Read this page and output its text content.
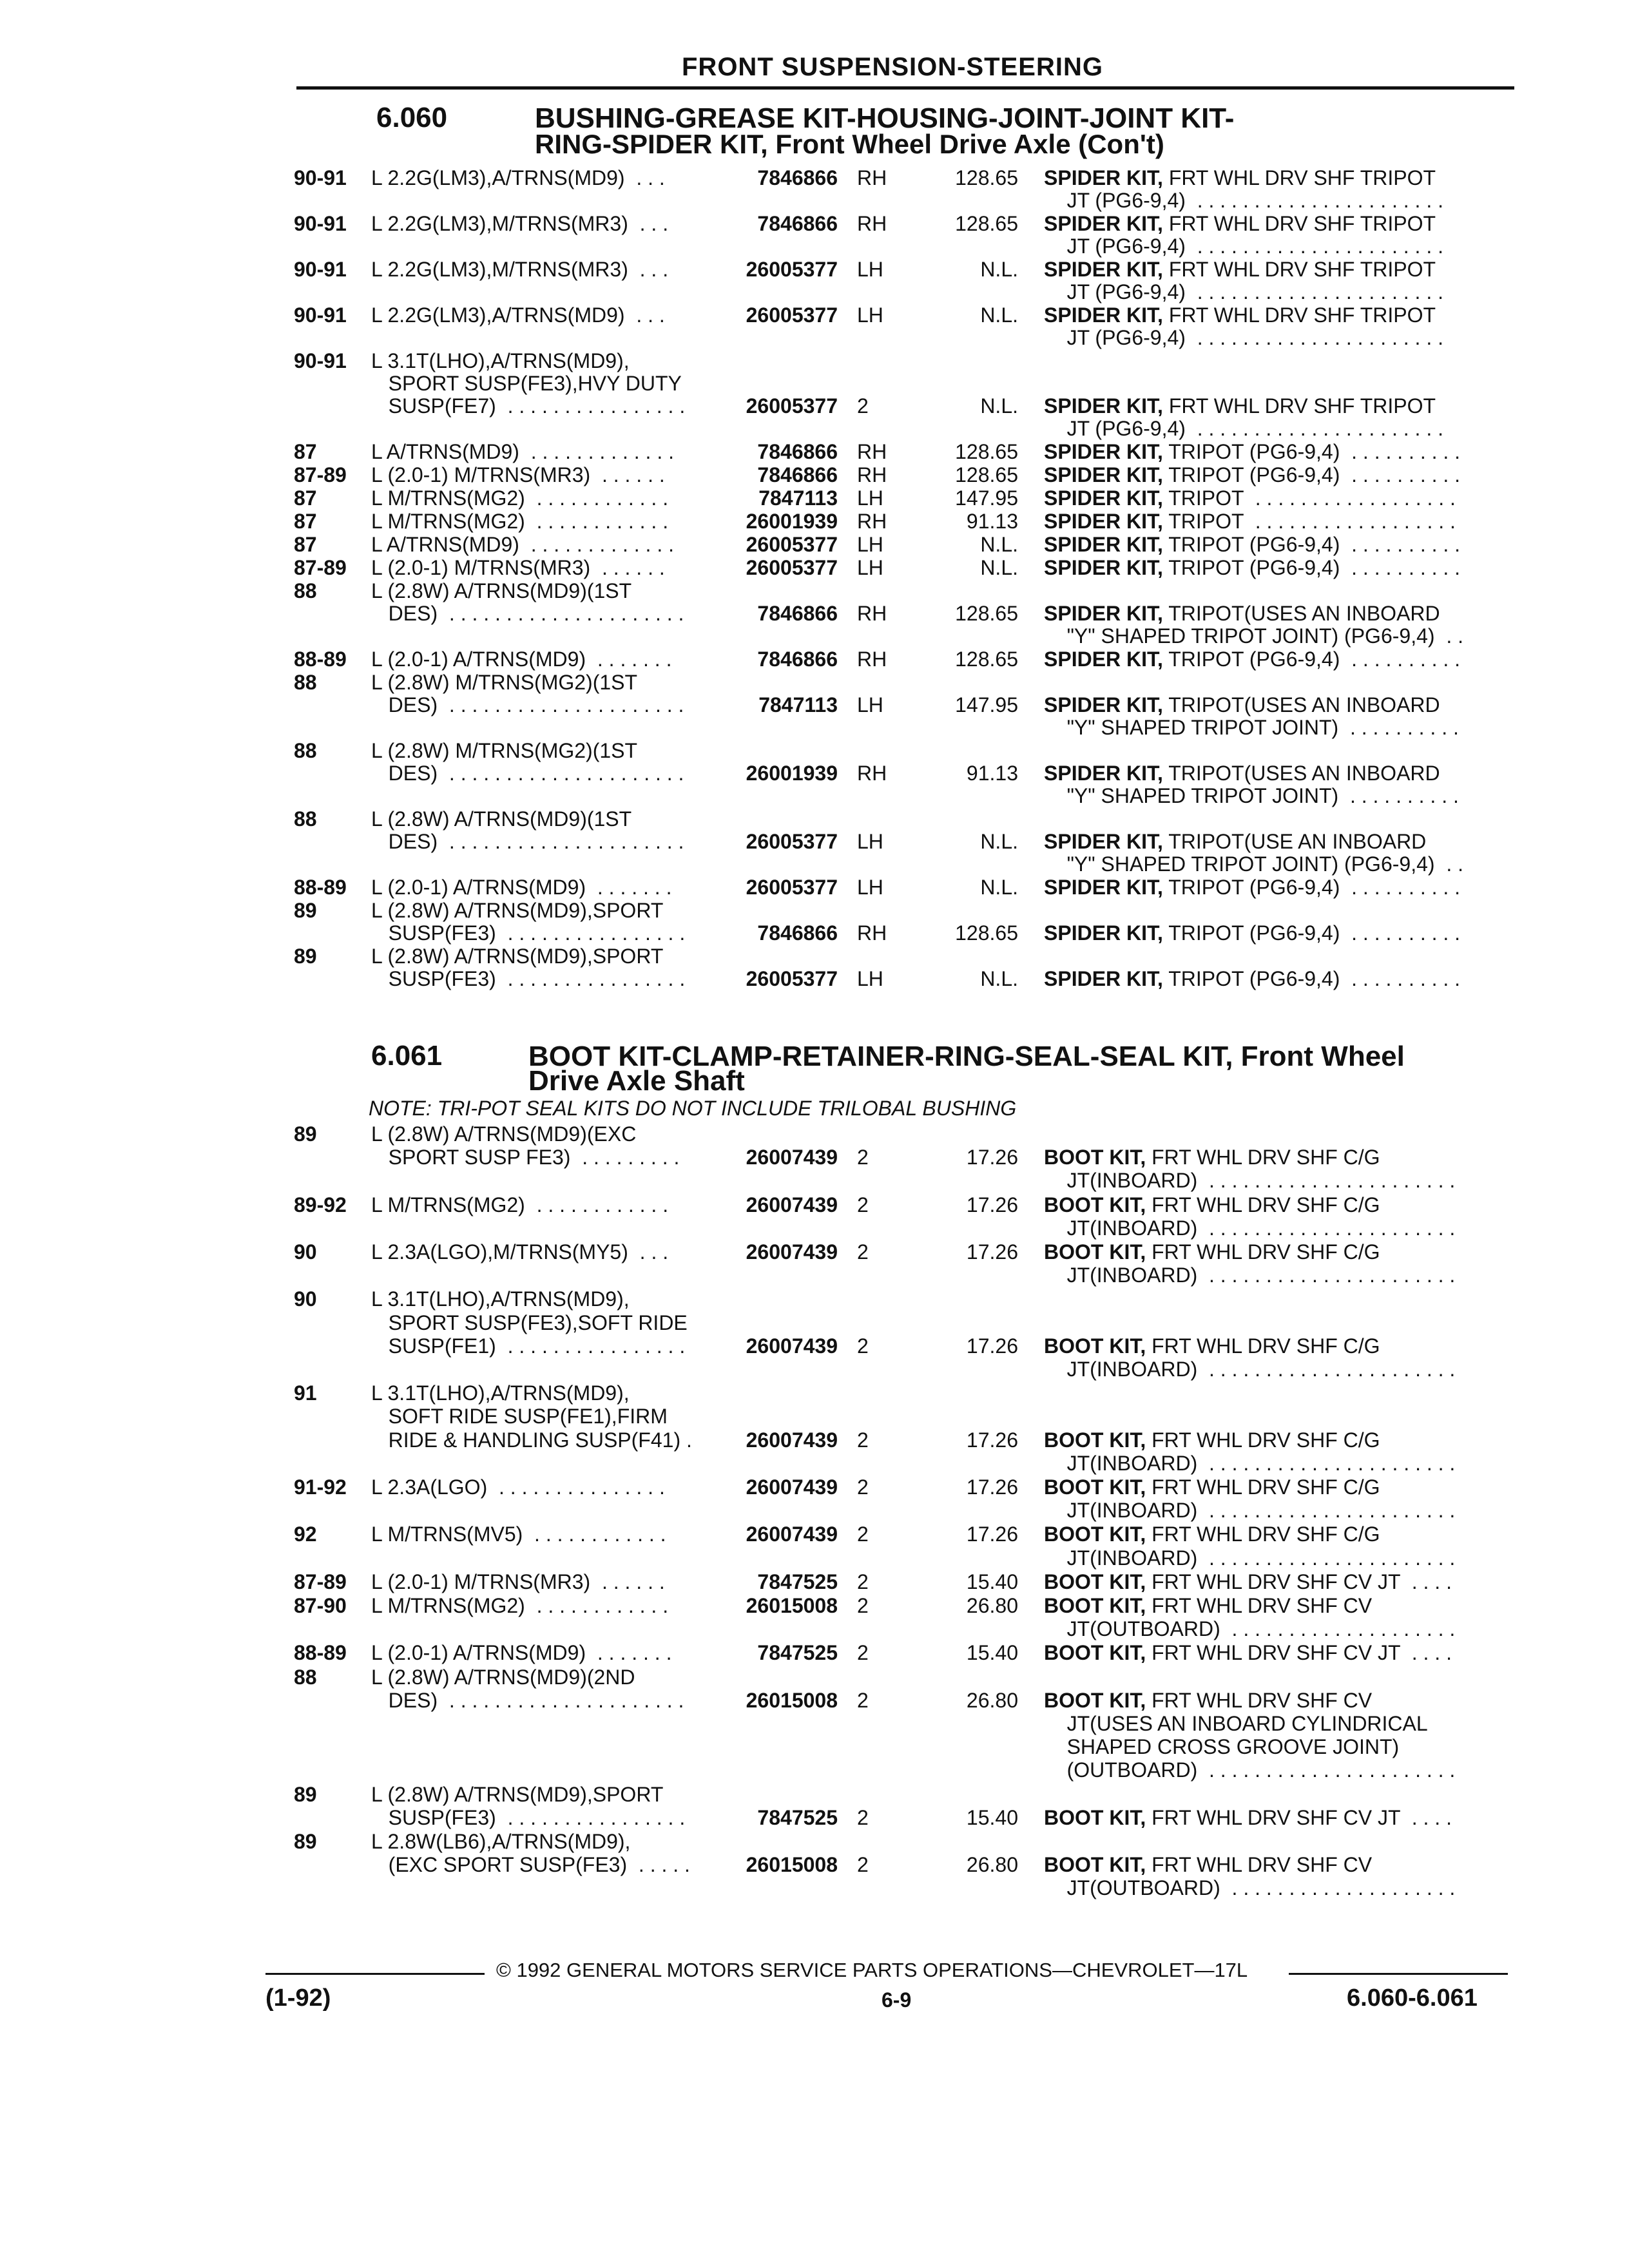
FRONT SUSPENSION-STEERING
6.060	BUSHING-GREASE KIT-HOUSING-JOINT-JOINT KIT-
RING-SPIDER KIT, Front Wheel Drive Axle (Con't)
90-91 L 2.2G(LM3),A/TRNS(MD9)  . . .	7846866 RH	128.65 SPIDER KIT, FRT WHL DRV SHF TRIPOT
JT (PG6-9,4)  . . . . . . . . . . . . . . . . . . . . . .
90-91 L 2.2G(LM3),M/TRNS(MR3)  . . .	7846866 RH	128.65 SPIDER KIT, FRT WHL DRV SHF TRIPOT
JT (PG6-9,4)  . . . . . . . . . . . . . . . . . . . . . .
90-91 L 2.2G(LM3),M/TRNS(MR3)  . . .	26005377 LH	N.L. SPIDER KIT, FRT WHL DRV SHF TRIPOT
JT (PG6-9,4)  . . . . . . . . . . . . . . . . . . . . . .
90-91 L 2.2G(LM3),A/TRNS(MD9)  . . .	26005377 LH	N.L. SPIDER KIT, FRT WHL DRV SHF TRIPOT
JT (PG6-9,4)  . . . . . . . . . . . . . . . . . . . . . .
90-91 L 3.1T(LHO),A/TRNS(MD9),
SPORT SUSP(FE3),HVY DUTY
SUSP(FE7)  . . . . . . . . . . . . . . . .	26005377 2	N.L. SPIDER KIT, FRT WHL DRV SHF TRIPOT
JT (PG6-9,4)  . . . . . . . . . . . . . . . . . . . . . .
87	L A/TRNS(MD9)  . . . . . . . . . . . . .	7846866 RH	128.65 SPIDER KIT, TRIPOT (PG6-9,4)  . . . . . . . . . .
87-89 L (2.0-1) M/TRNS(MR3)  . . . . . .	7846866 RH	128.65 SPIDER KIT, TRIPOT (PG6-9,4)  . . . . . . . . . .
87	L M/TRNS(MG2)  . . . . . . . . . . . .	7847113 LH	147.95 SPIDER KIT, TRIPOT  . . . . . . . . . . . . . . . . . .
87	L M/TRNS(MG2)  . . . . . . . . . . . .	26001939 RH	91.13 SPIDER KIT, TRIPOT  . . . . . . . . . . . . . . . . . .
87	L A/TRNS(MD9)  . . . . . . . . . . . . .	26005377 LH	N.L. SPIDER KIT, TRIPOT (PG6-9,4)  . . . . . . . . . .
87-89 L (2.0-1) M/TRNS(MR3)  . . . . . .	26005377 LH	N.L. SPIDER KIT, TRIPOT (PG6-9,4)  . . . . . . . . . .
88	L (2.8W) A/TRNS(MD9)(1ST
DES)  . . . . . . . . . . . . . . . . . . . . .	7846866 RH	128.65 SPIDER KIT, TRIPOT(USES AN INBOARD
"Y" SHAPED TRIPOT JOINT) (PG6-9,4)  . .
88-89 L (2.0-1) A/TRNS(MD9)  . . . . . . .	7846866 RH	128.65 SPIDER KIT, TRIPOT (PG6-9,4)  . . . . . . . . . .
88	L (2.8W) M/TRNS(MG2)(1ST
DES)  . . . . . . . . . . . . . . . . . . . . .	7847113 LH	147.95 SPIDER KIT, TRIPOT(USES AN INBOARD
"Y" SHAPED TRIPOT JOINT)  . . . . . . . . . .
88	L (2.8W) M/TRNS(MG2)(1ST
DES)  . . . . . . . . . . . . . . . . . . . . .	26001939 RH	91.13 SPIDER KIT, TRIPOT(USES AN INBOARD
"Y" SHAPED TRIPOT JOINT)  . . . . . . . . . .
88	L (2.8W) A/TRNS(MD9)(1ST
DES)  . . . . . . . . . . . . . . . . . . . . .	26005377 LH	N.L. SPIDER KIT, TRIPOT(USE AN INBOARD
"Y" SHAPED TRIPOT JOINT) (PG6-9,4)  . .
88-89 L (2.0-1) A/TRNS(MD9)  . . . . . . .	26005377 LH	N.L. SPIDER KIT, TRIPOT (PG6-9,4)  . . . . . . . . . .
89	L (2.8W) A/TRNS(MD9),SPORT
SUSP(FE3)  . . . . . . . . . . . . . . . .	7846866 RH	128.65 SPIDER KIT, TRIPOT (PG6-9,4)  . . . . . . . . . .
89	L (2.8W) A/TRNS(MD9),SPORT
SUSP(FE3)  . . . . . . . . . . . . . . . .	26005377 LH	N.L. SPIDER KIT, TRIPOT (PG6-9,4)  . . . . . . . . . .
6.061	BOOT KIT-CLAMP-RETAINER-RING-SEAL-SEAL KIT, Front Wheel
Drive Axle Shaft
NOTE: TRI-POT SEAL KITS DO NOT INCLUDE TRILOBAL BUSHING
89	L (2.8W) A/TRNS(MD9)(EXC
SPORT SUSP FE3)  . . . . . . . . .	26007439 2	17.26 BOOT KIT, FRT WHL DRV SHF C/G
JT(INBOARD)  . . . . . . . . . . . . . . . . . . . . . .
89-92 L M/TRNS(MG2)  . . . . . . . . . . . .	26007439 2	17.26 BOOT KIT, FRT WHL DRV SHF C/G
JT(INBOARD)  . . . . . . . . . . . . . . . . . . . . . .
90	L 2.3A(LGO),M/TRNS(MY5)  . . .	26007439 2	17.26 BOOT KIT, FRT WHL DRV SHF C/G
JT(INBOARD)  . . . . . . . . . . . . . . . . . . . . . .
90	L 3.1T(LHO),A/TRNS(MD9),
SPORT SUSP(FE3),SOFT RIDE
SUSP(FE1)  . . . . . . . . . . . . . . . .	26007439 2	17.26 BOOT KIT, FRT WHL DRV SHF C/G
JT(INBOARD)  . . . . . . . . . . . . . . . . . . . . . .
91	L 3.1T(LHO),A/TRNS(MD9),
SOFT RIDE SUSP(FE1),FIRM
RIDE & HANDLING SUSP(F41) .	26007439 2	17.26 BOOT KIT, FRT WHL DRV SHF C/G
JT(INBOARD)  . . . . . . . . . . . . . . . . . . . . . .
91-92 L 2.3A(LGO)  . . . . . . . . . . . . . . .	26007439 2	17.26 BOOT KIT, FRT WHL DRV SHF C/G
JT(INBOARD)  . . . . . . . . . . . . . . . . . . . . . .
92	L M/TRNS(MV5)  . . . . . . . . . . . .	26007439 2	17.26 BOOT KIT, FRT WHL DRV SHF C/G
JT(INBOARD)  . . . . . . . . . . . . . . . . . . . . . .
87-89 L (2.0-1) M/TRNS(MR3)  . . . . . .	7847525 2	15.40 BOOT KIT, FRT WHL DRV SHF CV JT  . . . .
87-90 L M/TRNS(MG2)  . . . . . . . . . . . .	26015008 2	26.80 BOOT KIT, FRT WHL DRV SHF CV
JT(OUTBOARD)  . . . . . . . . . . . . . . . . . . . .
88-89 L (2.0-1) A/TRNS(MD9)  . . . . . . .	7847525 2	15.40 BOOT KIT, FRT WHL DRV SHF CV JT  . . . .
88	L (2.8W) A/TRNS(MD9)(2ND
DES)  . . . . . . . . . . . . . . . . . . . . .	26015008 2	26.80 BOOT KIT, FRT WHL DRV SHF CV
JT(USES AN INBOARD CYLINDRICAL
SHAPED CROSS GROOVE JOINT)
(OUTBOARD)  . . . . . . . . . . . . . . . . . . . . . .
89	L (2.8W) A/TRNS(MD9),SPORT
SUSP(FE3)  . . . . . . . . . . . . . . . .	7847525 2	15.40 BOOT KIT, FRT WHL DRV SHF CV JT  . . . .
89	L 2.8W(LB6),A/TRNS(MD9),
(EXC SPORT SUSP(FE3)  . . . . .	26015008 2	26.80 BOOT KIT, FRT WHL DRV SHF CV
JT(OUTBOARD)  . . . . . . . . . . . . . . . . . . . .
© 1992 GENERAL MOTORS SERVICE PARTS OPERATIONS—CHEVROLET—17L
(1-92)	6-9	6.060-6.061
